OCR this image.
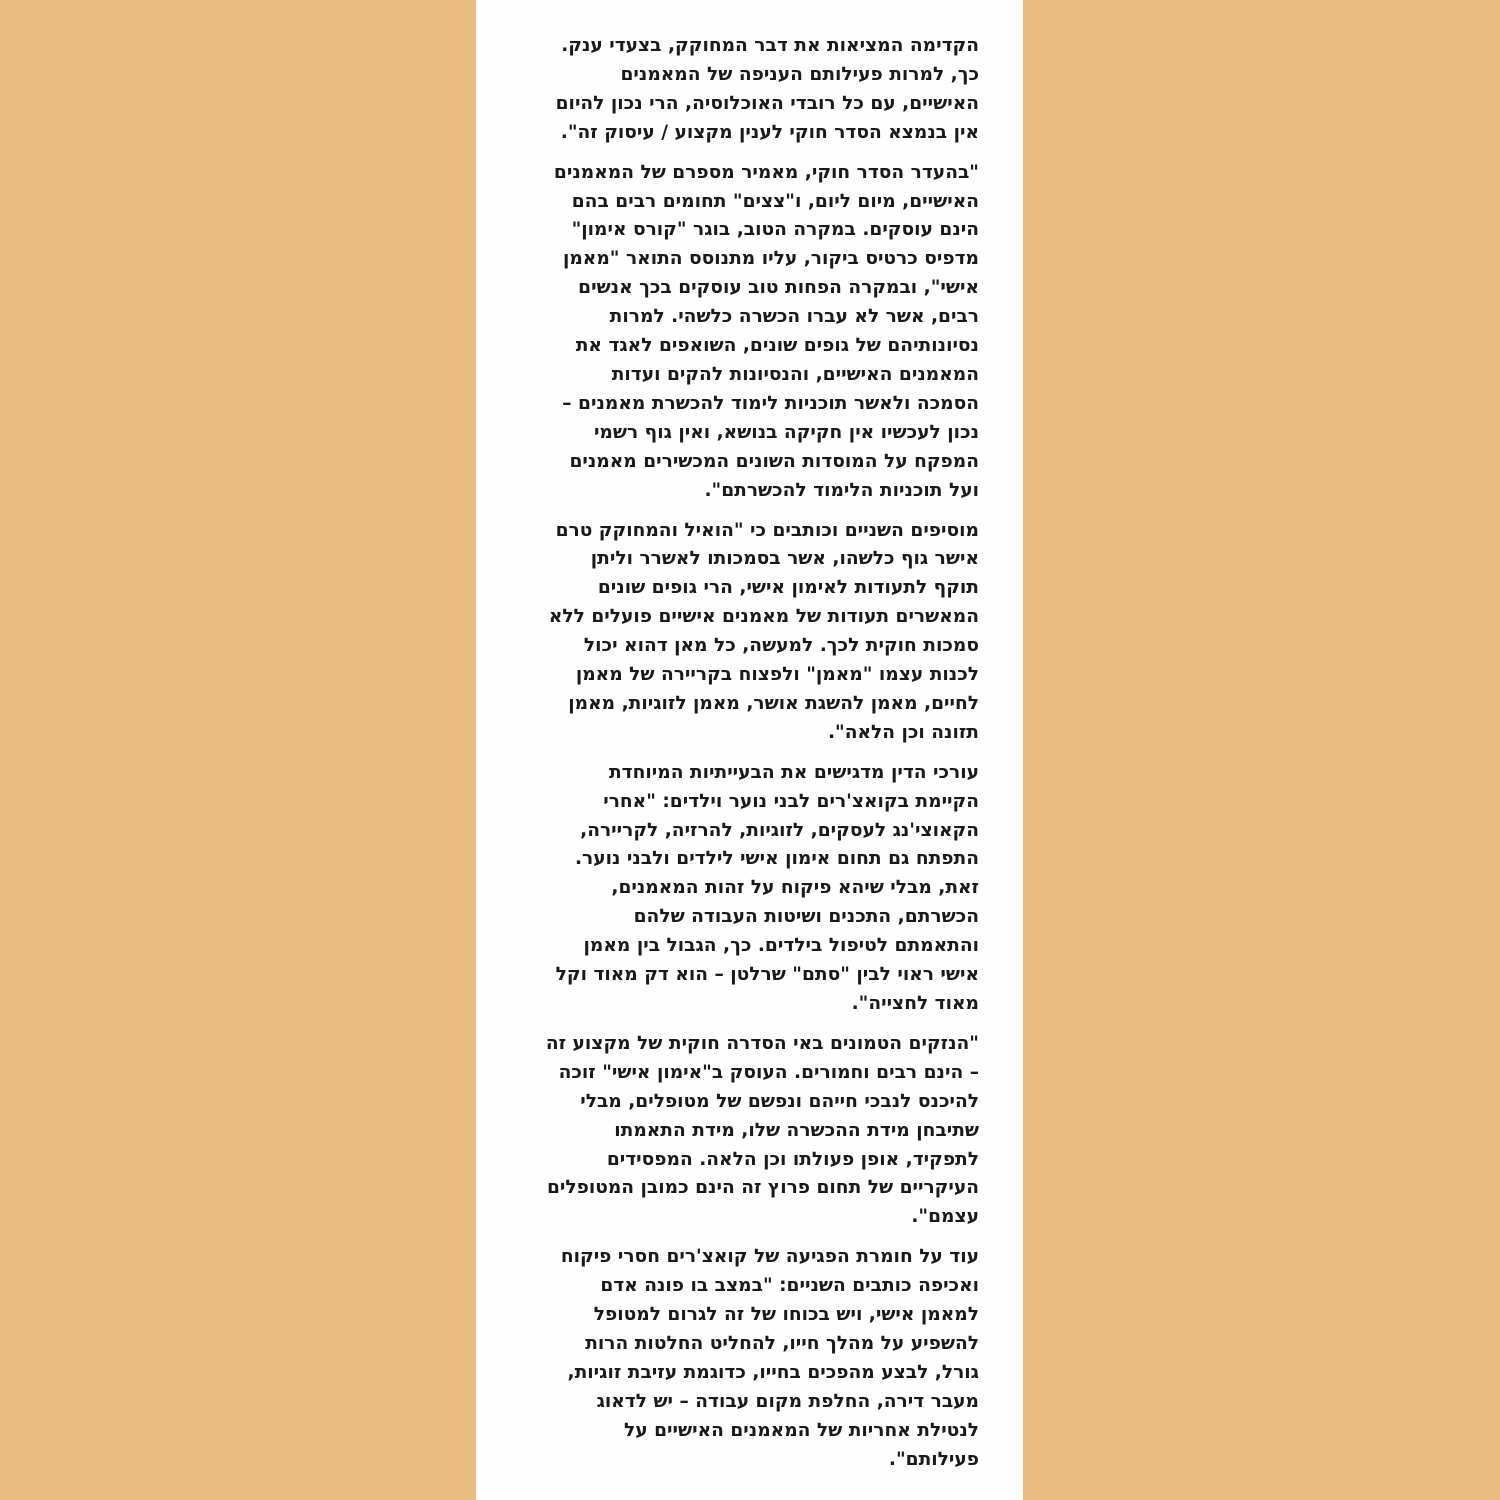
הקדימה המציאות את דבר המחוקק, בצעדי ענק.
כך, למרות פעילותם העניפה של המאמנים
האישיים, עם כל רובדי האוכלוסיה, הרי נכון להיום
אין בנמצא הסדר חוקי לענין מקצוע / עיסוק זה".
"בהעדר הסדר חוקי, מאמיר מספרם של המאמנים
האישיים, מיום ליום, ו"צצים" תחומים רבים בהם
הינם עוסקים. במקרה הטוב, בוגר "קורס אימון"
מדפיס כרטיס ביקור, עליו מתנוסס התואר "מאמן
אישי", ובמקרה הפחות טוב עוסקים בכך אנשים
רבים, אשר לא עברו הכשרה כלשהי. למרות
נסיונותיהם של גופים שונים, השואפים לאגד את
המאמנים האישיים, והנסיונות להקים ועדות
הסמכה ולאשר תוכניות לימוד להכשרת מאמנים –
נכון לעכשיו אין חקיקה בנושא, ואין גוף רשמי
המפקח על המוסדות השונים המכשירים מאמנים
ועל תוכניות הלימוד להכשרתם".
מוסיפים השניים וכותבים כי "הואיל והמחוקק טרם
אישר גוף כלשהו, אשר בסמכותו לאשרר וליתן
תוקף לתעודות לאימון אישי, הרי גופים שונים
המאשרים תעודות של מאמנים אישיים פועלים ללא
סמכות חוקית לכך. למעשה, כל מאן דהוא יכול
לכנות עצמו "מאמן" ולפצוח בקריירה של מאמן
לחיים, מאמן להשגת אושר, מאמן לזוגיות, מאמן
תזונה וכן הלאה".
עורכי הדין מדגישים את הבעייתיות המיוחדת
הקיימת בקואצ'רים לבני נוער וילדים: "אחרי
הקאוצי'נג לעסקים, לזוגיות, להרזיה, לקריירה,
התפתח גם תחום אימון אישי לילדים ולבני נוער.
זאת, מבלי שיהא פיקוח על זהות המאמנים,
הכשרתם, התכנים ושיטות העבודה שלהם
והתאמתם לטיפול בילדים. כך, הגבול בין מאמן
אישי ראוי לבין "סתם" שרלטן – הוא דק מאוד וקל
מאוד לחצייה".
"הנזקים הטמונים באי הסדרה חוקית של מקצוע זה
– הינם רבים וחמורים. העוסק ב"אימון אישי" זוכה
להיכנס לנבכי חייהם ונפשם של מטופלים, מבלי
שתיבחן מידת ההכשרה שלו, מידת התאמתו
לתפקיד, אופן פעולתו וכן הלאה. המפסידים
העיקריים של תחום פרוץ זה הינם כמובן המטופלים
עצמם".
עוד על חומרת הפגיעה של קואצ'רים חסרי פיקוח
ואכיפה כותבים השניים: "במצב בו פונה אדם
למאמן אישי, ויש בכוחו של זה לגרום למטופל
להשפיע על מהלך חייו, להחליט החלטות הרות
גורל, לבצע מהפכים בחייו, כדוגמת עזיבת זוגיות,
מעבר דירה, החלפת מקום עבודה – יש לדאוג
לנטילת אחריות של המאמנים האישיים על
פעילותם".
